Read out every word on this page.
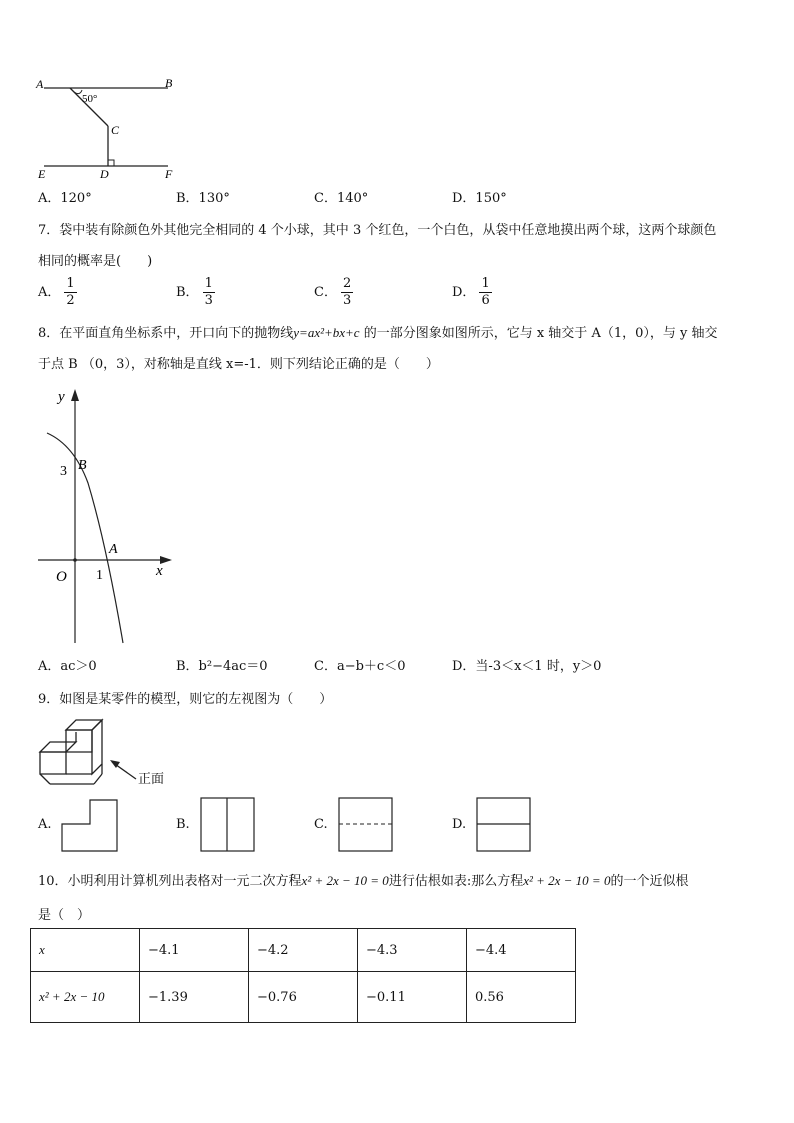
A	B
C
D
E	F
50°
A．120°	B．130°	C．140°	D．150°
7．袋中装有除颜色外其他完全相同的 4 个小球，其中 3 个红色，一个白色，从袋中任意地摸出两个球，这两个球颜色
相同的概率是(　　)
A． $\frac{1}{2}$	B． $\frac{1}{3}$	C． $\frac{2}{3}$	D． $\frac{1}{6}$
8．在平面直角坐标系中，开口向下的抛物线y=ax²+bx+c 的一部分图象如图所示，它与 x 轴交于 A（1，0），与 y 轴交
于点 B （0，3），对称轴是直线 x=-1．则下列结论正确的是（　　）
y
x
O 1
3 B
A
A．ac＞0	B．b²−4ac＝0	C．a−b＋c＜0	D．当-3＜x＜1 时，y＞0
9．如图是某零件的模型，则它的左视图为（　　）
正面
A.	B.	C.	D.
10．小明利用计算机列出表格对一元二次方程x² + 2x − 10 = 0进行估根如表:那么方程x² + 2x − 10 = 0的一个近似根
是（　）
x	−4.1	−4.2	−4.3	−4.4
x² + 2x − 10	−1.39	−0.76	−0.11	0.56
